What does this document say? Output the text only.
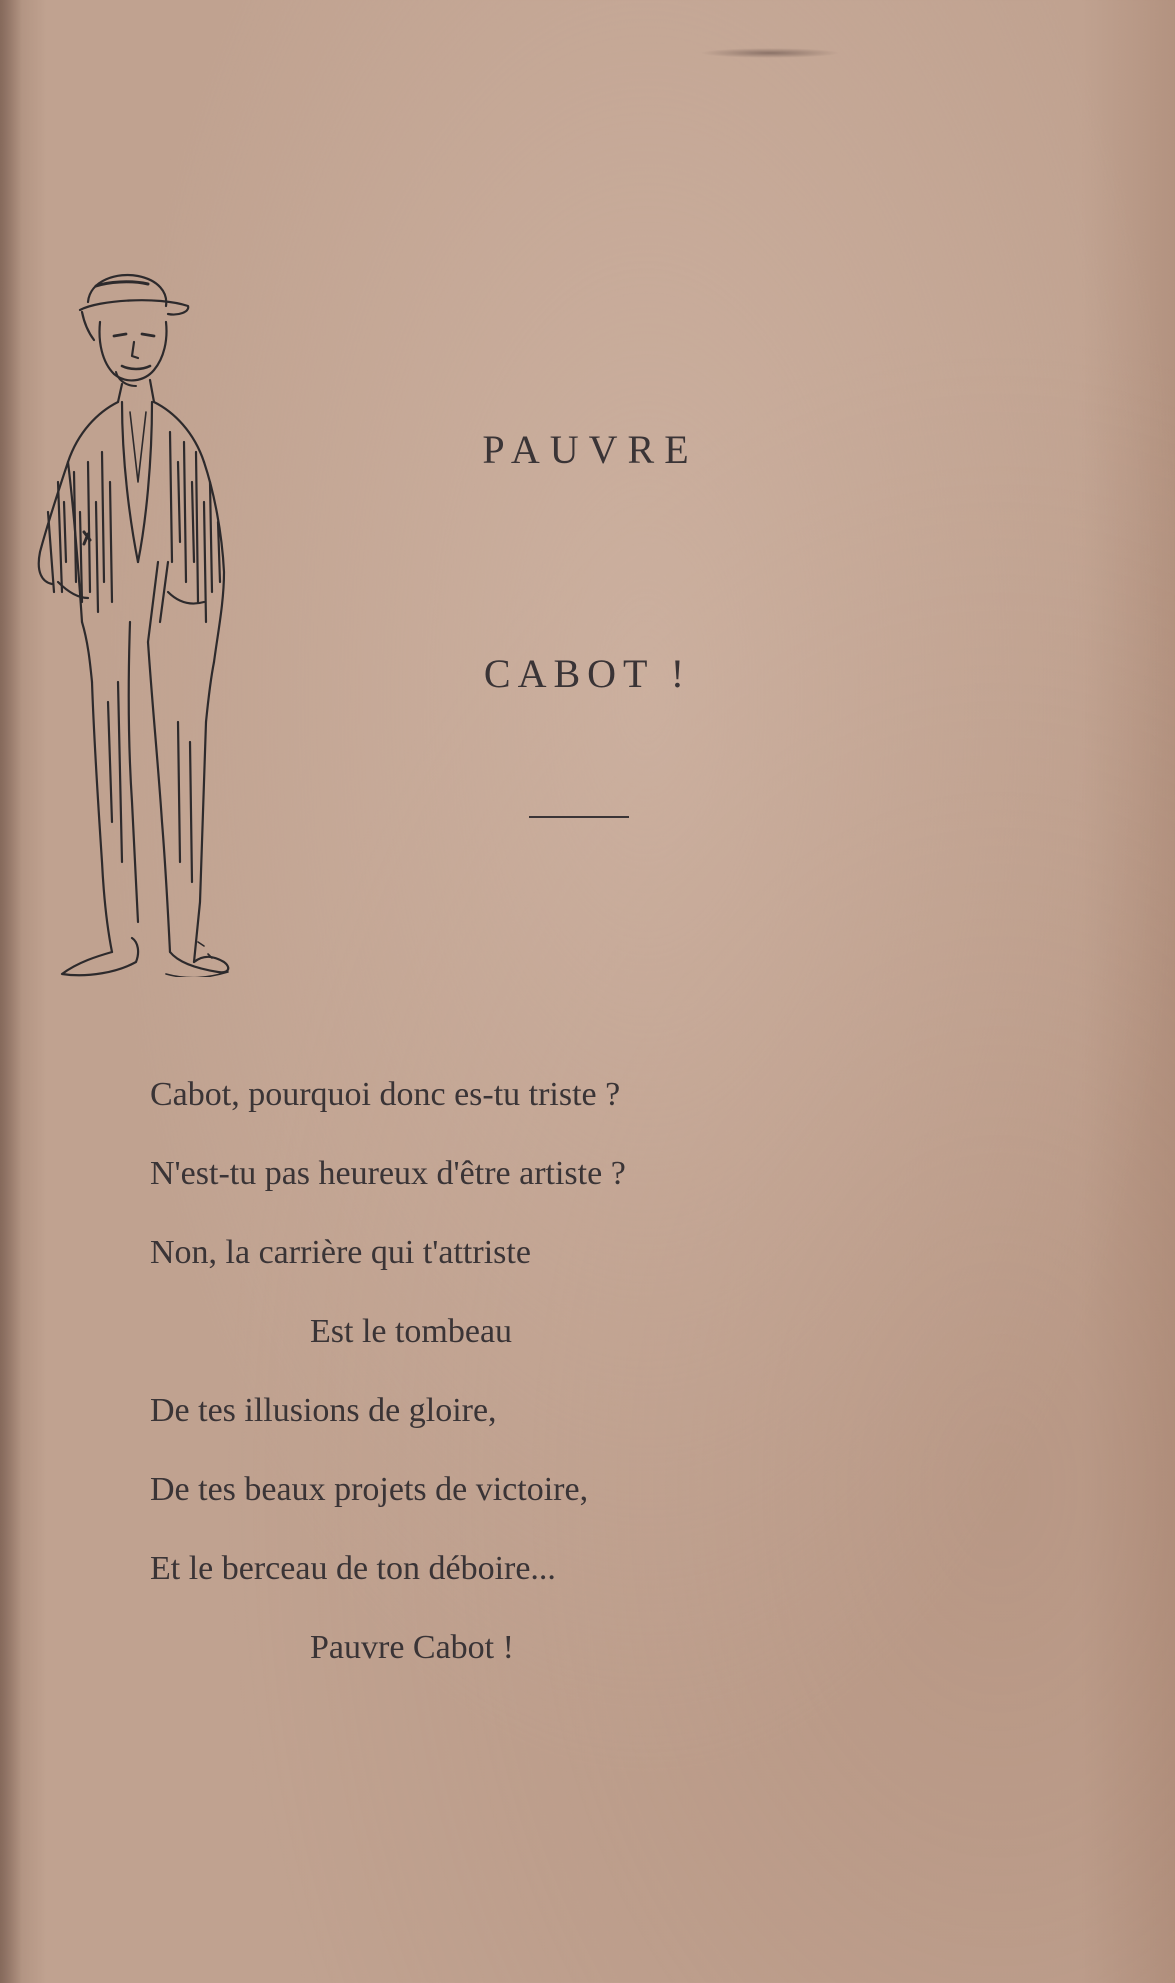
PAUVRE
CABOT !
Cabot, pourquoi donc es-tu triste ?
N'est-tu pas heureux d'être artiste ?
Non, la carrière qui t'attriste
Est le tombeau
De tes illusions de gloire,
De tes beaux projets de victoire,
Et le berceau de ton déboire...
Pauvre Cabot !
